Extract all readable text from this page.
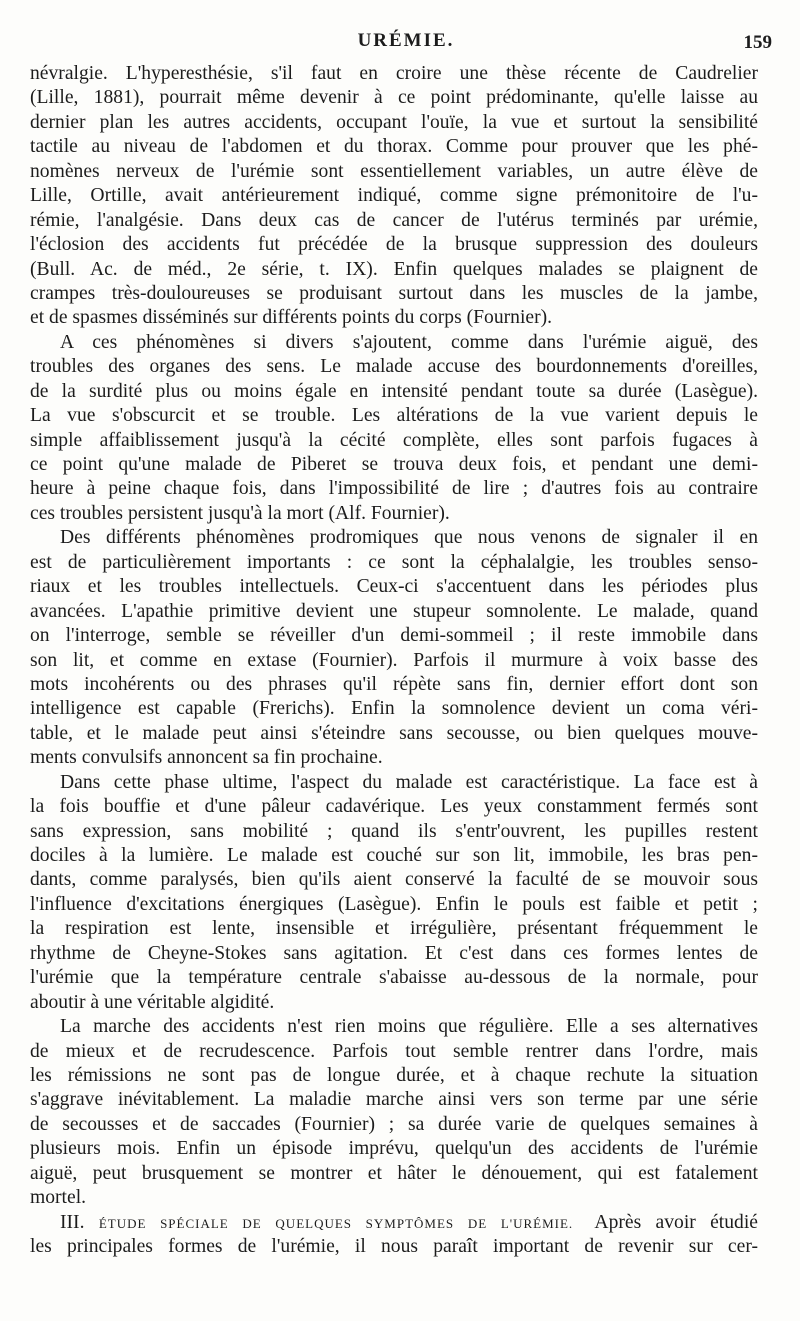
URÉMIE.	159
névralgie. L'hyperesthésie, s'il faut en croire une thèse récente de Caudrelier
(Lille, 1881), pourrait même devenir à ce point prédominante, qu'elle laisse au
dernier plan les autres accidents, occupant l'ouïe, la vue et surtout la sensibilité
tactile au niveau de l'abdomen et du thorax. Comme pour prouver que les phé-
nomènes nerveux de l'urémie sont essentiellement variables, un autre élève de
Lille, Ortille, avait antérieurement indiqué, comme signe prémonitoire de l'u-
rémie, l'analgésie. Dans deux cas de cancer de l'utérus terminés par urémie,
l'éclosion des accidents fut précédée de la brusque suppression des douleurs
(Bull. Ac. de méd., 2e série, t. IX). Enfin quelques malades se plaignent de
crampes très-douloureuses se produisant surtout dans les muscles de la jambe,
et de spasmes disséminés sur différents points du corps (Fournier).
A ces phénomènes si divers s'ajoutent, comme dans l'urémie aiguë, des
troubles des organes des sens. Le malade accuse des bourdonnements d'oreilles,
de la surdité plus ou moins égale en intensité pendant toute sa durée (Lasègue).
La vue s'obscurcit et se trouble. Les altérations de la vue varient depuis le
simple affaiblissement jusqu'à la cécité complète, elles sont parfois fugaces à
ce point qu'une malade de Piberet se trouva deux fois, et pendant une demi-
heure à peine chaque fois, dans l'impossibilité de lire ; d'autres fois au contraire
ces troubles persistent jusqu'à la mort (Alf. Fournier).
Des différents phénomènes prodromiques que nous venons de signaler il en
est de particulièrement importants : ce sont la céphalalgie, les troubles senso-
riaux et les troubles intellectuels. Ceux-ci s'accentuent dans les périodes plus
avancées. L'apathie primitive devient une stupeur somnolente. Le malade, quand
on l'interroge, semble se réveiller d'un demi-sommeil ; il reste immobile dans
son lit, et comme en extase (Fournier). Parfois il murmure à voix basse des
mots incohérents ou des phrases qu'il répète sans fin, dernier effort dont son
intelligence est capable (Frerichs). Enfin la somnolence devient un coma véri-
table, et le malade peut ainsi s'éteindre sans secousse, ou bien quelques mouve-
ments convulsifs annoncent sa fin prochaine.
Dans cette phase ultime, l'aspect du malade est caractéristique. La face est à
la fois bouffie et d'une pâleur cadavérique. Les yeux constamment fermés sont
sans expression, sans mobilité ; quand ils s'entr'ouvrent, les pupilles restent
dociles à la lumière. Le malade est couché sur son lit, immobile, les bras pen-
dants, comme paralysés, bien qu'ils aient conservé la faculté de se mouvoir sous
l'influence d'excitations énergiques (Lasègue). Enfin le pouls est faible et petit ;
la respiration est lente, insensible et irrégulière, présentant fréquemment le
rhythme de Cheyne-Stokes sans agitation. Et c'est dans ces formes lentes de
l'urémie que la température centrale s'abaisse au-dessous de la normale, pour
aboutir à une véritable algidité.
La marche des accidents n'est rien moins que régulière. Elle a ses alternatives
de mieux et de recrudescence. Parfois tout semble rentrer dans l'ordre, mais
les rémissions ne sont pas de longue durée, et à chaque rechute la situation
s'aggrave inévitablement. La maladie marche ainsi vers son terme par une série
de secousses et de saccades (Fournier) ; sa durée varie de quelques semaines à
plusieurs mois. Enfin un épisode imprévu, quelqu'un des accidents de l'urémie
aiguë, peut brusquement se montrer et hâter le dénouement, qui est fatalement
mortel.
III. ÉTUDE SPÉCIALE DE QUELQUES SYMPTÔMES DE L'URÉMIE. Après avoir étudié
les principales formes de l'urémie, il nous paraît important de revenir sur cer-
